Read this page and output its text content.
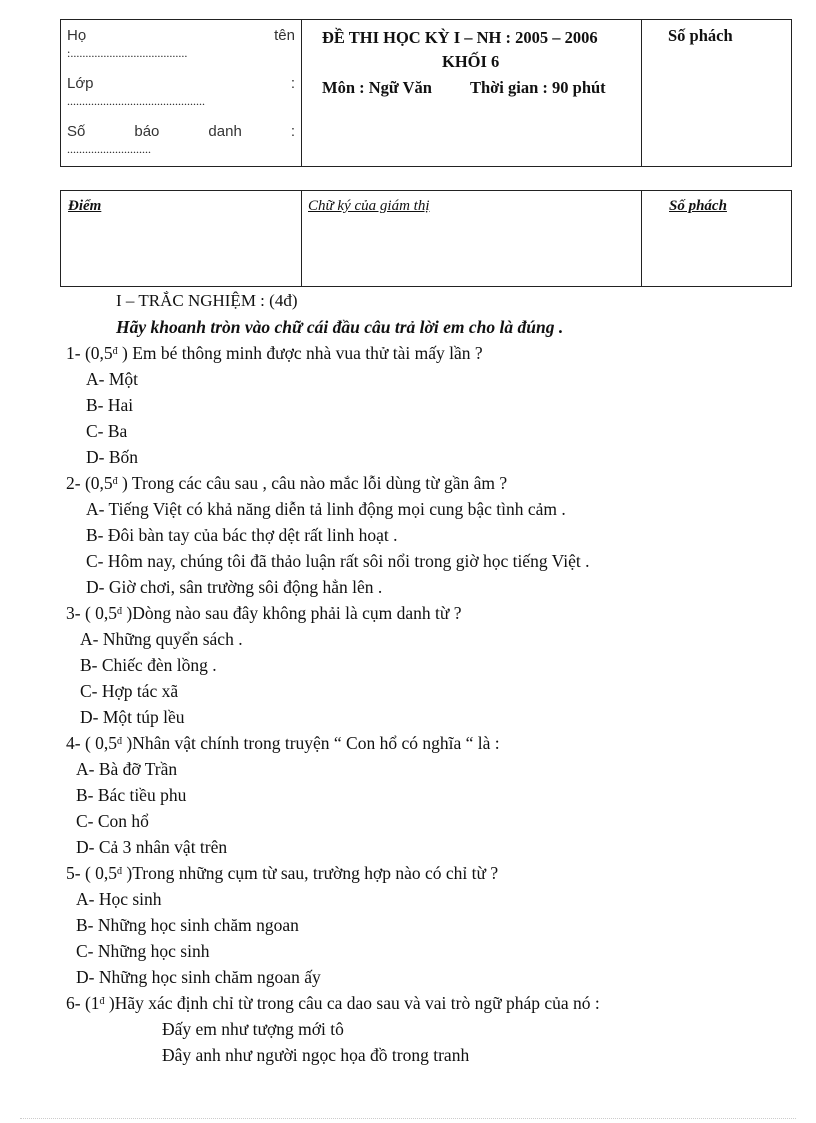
Họ	tên
:.......................................
Lớp	:
..............................................
Số	báo	danh	:
............................
ĐỀ THI HỌC KỲ I – NH : 2005 – 2006
KHỐI 6
Môn : Ngữ Văn Thời gian : 90 phút
Số phách
Điểm	Chữ ký của giám thị	Số phách
I – TRẮC NGHIỆM : (4đ)
Hãy khoanh tròn vào chữ cái đầu câu trả lời em cho là đúng .
1- ($0,5^đ$ ) Em bé thông minh được nhà vua thử tài mấy lần ?
A- Một
B- Hai
C- Ba
D- Bốn
2- ($0,5^đ$ ) Trong các câu sau , câu nào mắc lỗi dùng từ gần âm ?
A- Tiếng Việt có khả năng diễn tả linh động mọi cung bậc tình cảm .
B- Đôi bàn tay của bác thợ dệt rất linh hoạt .
C- Hôm nay, chúng tôi đã thảo luận rất sôi nổi trong giờ học tiếng Việt .
D- Giờ chơi, sân trường sôi động hẳn lên .
3- ( $0,5^đ$ )Dòng nào sau đây không phải là cụm danh từ ?
A- Những quyển sách .
B- Chiếc đèn lồng .
C- Hợp tác xã
D- Một túp lều
4- ( $0,5^đ$ )Nhân vật chính trong truyện “ Con hổ có nghĩa “ là :
A- Bà đỡ Trần
B- Bác tiều phu
C- Con hổ
D- Cả 3 nhân vật trên
5- ( $0,5^đ$ )Trong những cụm từ sau, trường hợp nào có chỉ từ ?
A- Học sinh
B- Những học sinh chăm ngoan
C- Những học sinh
D- Những học sinh chăm ngoan ấy
6- ($1^đ$ )Hãy xác định chỉ từ trong câu ca dao sau và vai trò ngữ pháp của nó :
Đấy em như tượng mới tô
Đây anh như người ngọc họa đồ trong tranh
